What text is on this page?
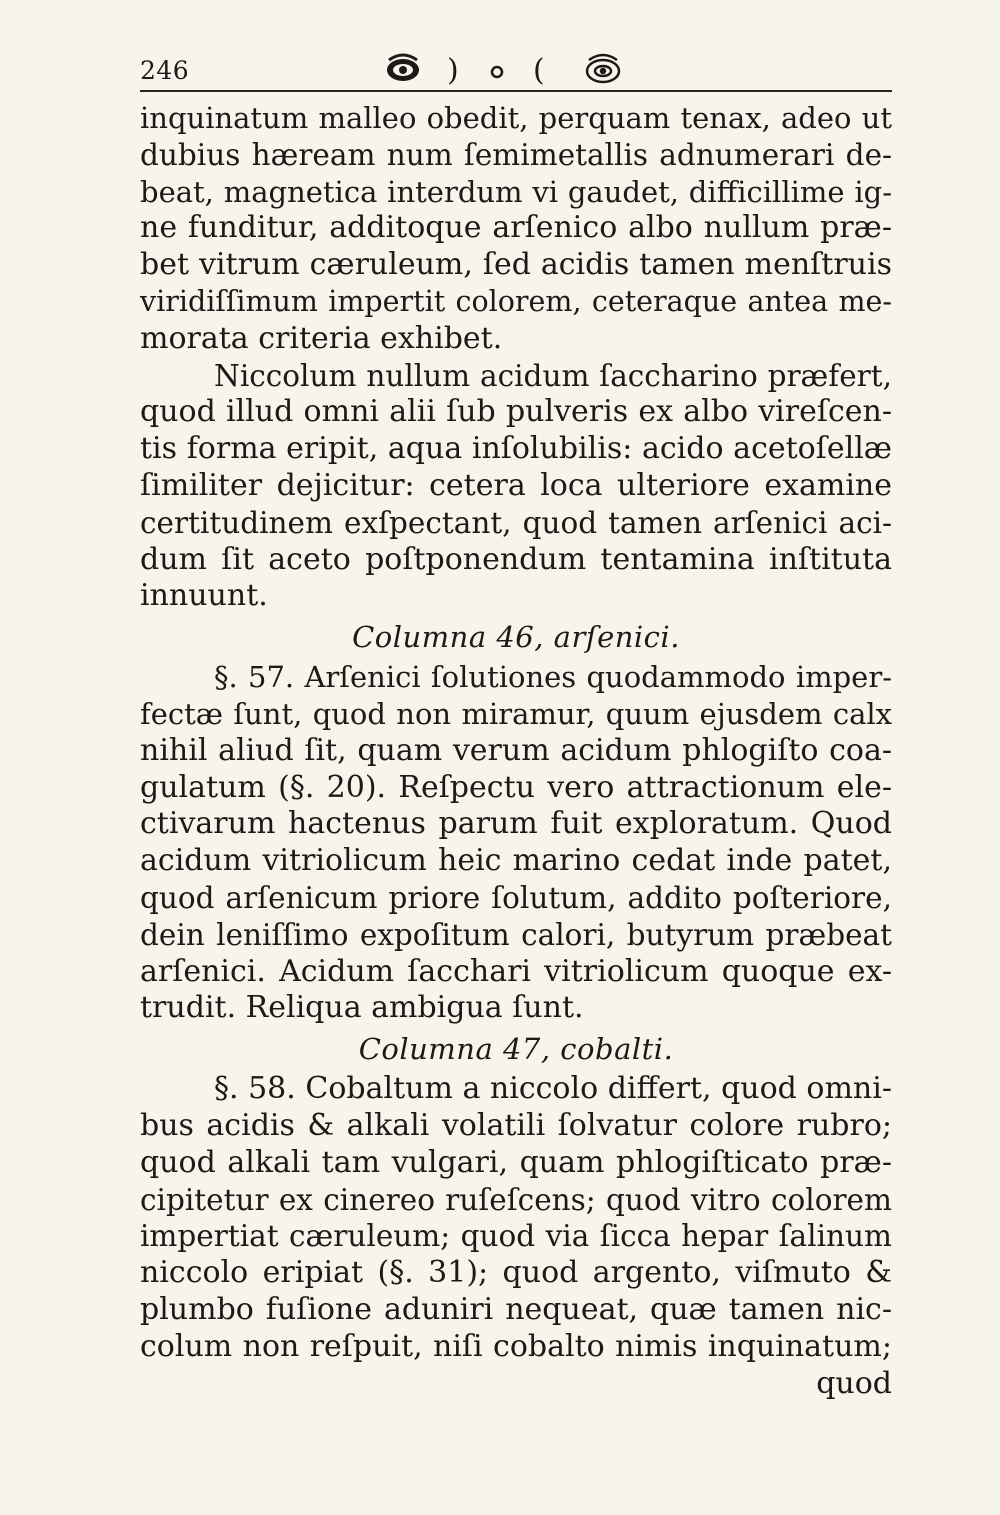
246	) (
inquinatum malleo obedit, perquam tenax, adeo ut
dubius hæream num ſemimetallis adnumerari de-
beat, magnetica interdum vi gaudet, difficillime ig-
ne funditur, additoque arſenico albo nullum præ-
bet vitrum cæruleum, ſed acidis tamen menſtruis
viridiſſimum impertit colorem, ceteraque antea me-
morata criteria exhibet.
Niccolum nullum acidum ſaccharino præfert,
quod illud omni alii ſub pulveris ex albo vireſcen-
tis forma eripit, aqua inſolubilis: acido acetoſellæ
ſimiliter dejicitur: cetera loca ulteriore examine
certitudinem exſpectant, quod tamen arſenici aci-
dum ſit aceto poſtponendum tentamina inſtituta
innuunt.
Columna 46, arſenici.
§. 57. Arſenici ſolutiones quodammodo imper-
fectæ ſunt, quod non miramur, quum ejusdem calx
nihil aliud ſit, quam verum acidum phlogiſto coa-
gulatum (§. 20). Reſpectu vero attractionum ele-
ctivarum hactenus parum fuit exploratum. Quod
acidum vitriolicum heic marino cedat inde patet,
quod arſenicum priore ſolutum, addito poſteriore,
dein leniſſimo expoſitum calori, butyrum præbeat
arſenici. Acidum ſacchari vitriolicum quoque ex-
trudit. Reliqua ambigua ſunt.
Columna 47, cobalti.
§. 58. Cobaltum a niccolo differt, quod omni-
bus acidis & alkali volatili ſolvatur colore rubro;
quod alkali tam vulgari, quam phlogiſticato præ-
cipitetur ex cinereo ruſeſcens; quod vitro colorem
impertiat cæruleum; quod via ſicca hepar ſalinum
niccolo eripiat (§. 31); quod argento, viſmuto &
plumbo fuſione aduniri nequeat, quæ tamen nic-
colum non reſpuit, niſi cobalto nimis inquinatum;
quod
